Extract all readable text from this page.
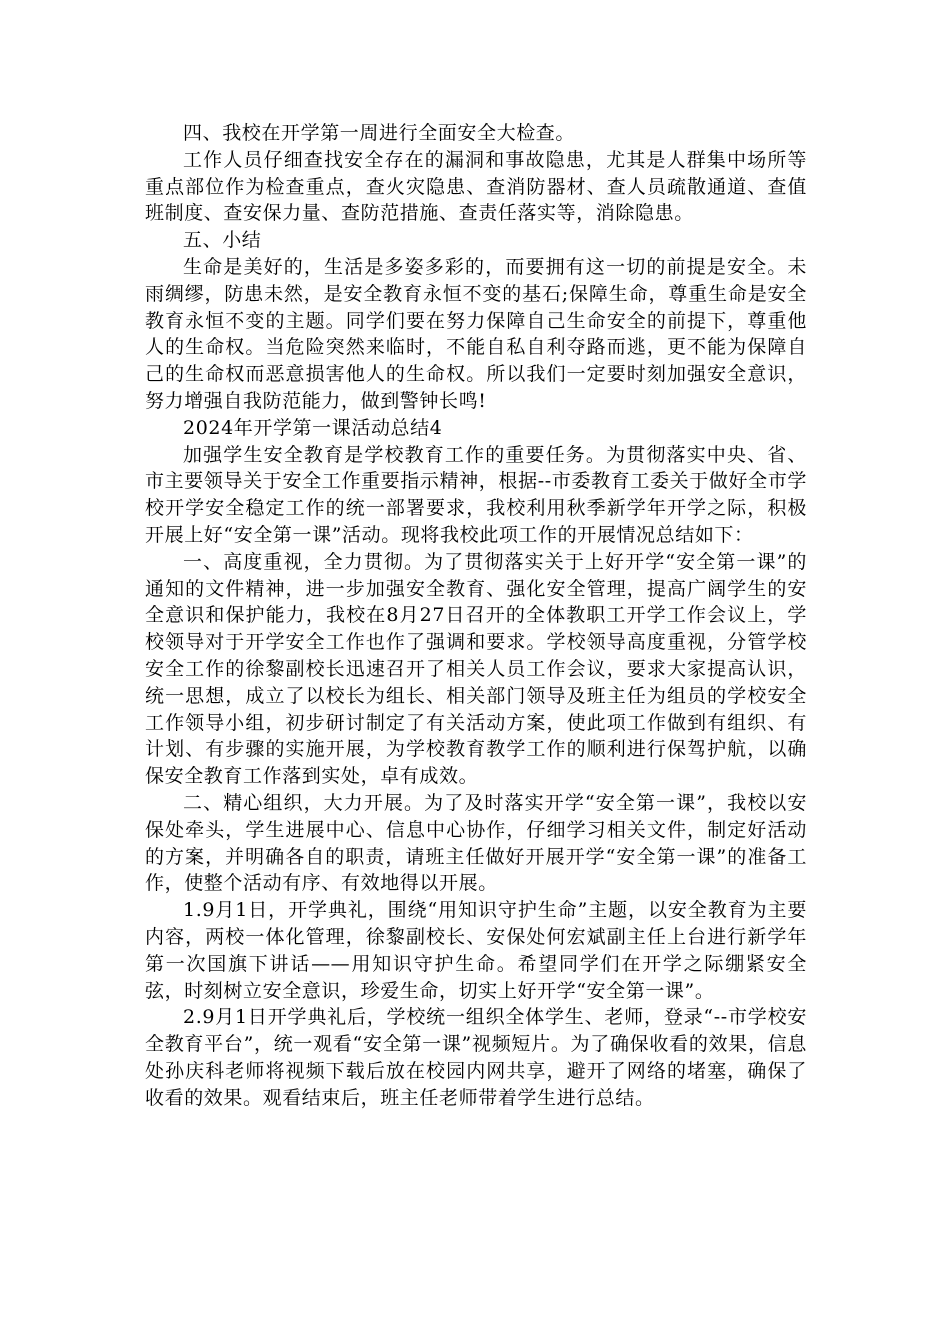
四、我校在开学第一周进行全面安全大检查。

工作人员仔细查找安全存在的漏洞和事故隐患，尤其是人群集中场所等重点部位作为检查重点，查火灾隐患、查消防器材、查人员疏散通道、查值班制度、查安保力量、查防范措施、查责任落实等，消除隐患。

五、小结

生命是美好的，生活是多姿多彩的，而要拥有这一切的前提是安全。未雨绸缪，防患未然，是安全教育永恒不变的基石;保障生命，尊重生命是安全教育永恒不变的主题。同学们要在努力保障自己生命安全的前提下，尊重他人的生命权。当危险突然来临时，不能自私自利夺路而逃，更不能为保障自己的生命权而恶意损害他人的生命权。所以我们一定要时刻加强安全意识，努力增强自我防范能力，做到警钟长鸣!

2024年开学第一课活动总结4

加强学生安全教育是学校教育工作的重要任务。为贯彻落实中央、省、市主要领导关于安全工作重要指示精神，根据--市委教育工委关于做好全市学校开学安全稳定工作的统一部署要求，我校利用秋季新学年开学之际，积极开展上好“安全第一课”活动。现将我校此项工作的开展情况总结如下：

一、高度重视，全力贯彻。为了贯彻落实关于上好开学“安全第一课”的通知的文件精神，进一步加强安全教育、强化安全管理，提高广阔学生的安全意识和保护能力，我校在8月27日召开的全体教职工开学工作会议上，学校领导对于开学安全工作也作了强调和要求。学校领导高度重视，分管学校安全工作的徐黎副校长迅速召开了相关人员工作会议，要求大家提高认识，统一思想，成立了以校长为组长、相关部门领导及班主任为组员的学校安全工作领导小组，初步研讨制定了有关活动方案，使此项工作做到有组织、有计划、有步骤的实施开展，为学校教育教学工作的顺利进行保驾护航，以确保安全教育工作落到实处，卓有成效。

二、精心组织，大力开展。为了及时落实开学“安全第一课”，我校以安保处牵头，学生进展中心、信息中心协作，仔细学习相关文件，制定好活动的方案，并明确各自的职责，请班主任做好开展开学“安全第一课”的准备工作，使整个活动有序、有效地得以开展。

1.9月1日，开学典礼，围绕“用知识守护生命”主题，以安全教育为主要内容，两校一体化管理，徐黎副校长、安保处何宏斌副主任上台进行新学年第一次国旗下讲话——用知识守护生命。希望同学们在开学之际绷紧安全弦，时刻树立安全意识，珍爱生命，切实上好开学“安全第一课”。

2.9月1日开学典礼后，学校统一组织全体学生、老师，登录“--市学校安全教育平台”，统一观看“安全第一课”视频短片。为了确保收看的效果，信息处孙庆科老师将视频下载后放在校园内网共享，避开了网络的堵塞，确保了收看的效果。观看结束后，班主任老师带着学生进行总结。
